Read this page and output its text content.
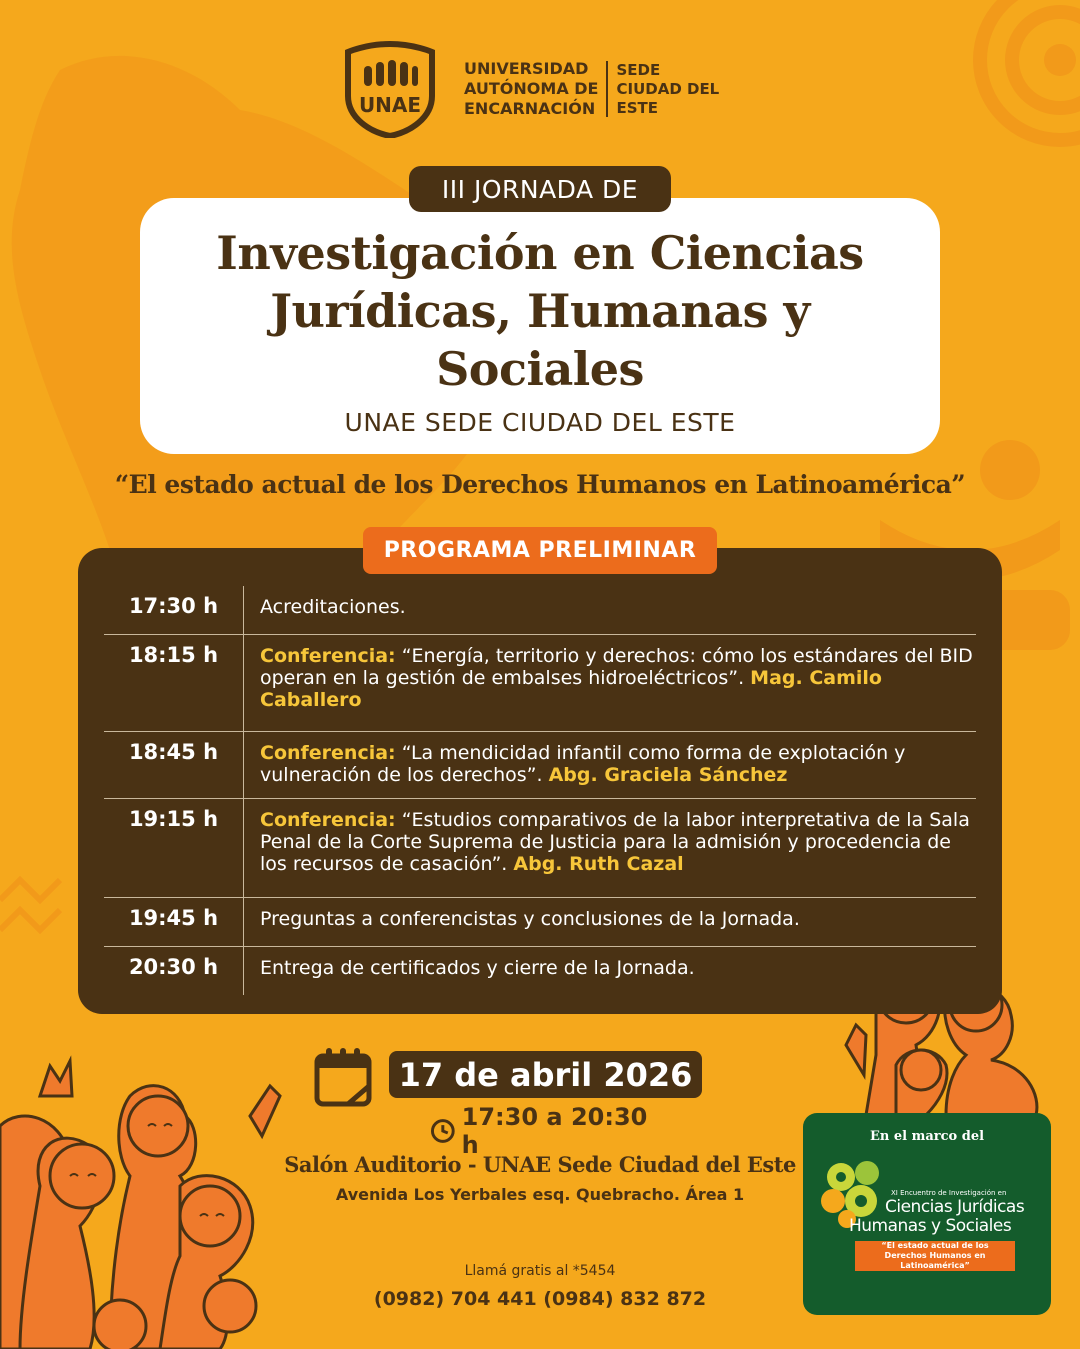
UNAE
UNIVERSIDAD
AUTÓNOMA DE
ENCARNACIÓN
SEDE
CIUDAD DEL
ESTE
III JORNADA DE
Investigación en Ciencias
Jurídicas, Humanas y
Sociales
UNAE SEDE CIUDAD DEL ESTE
“El estado actual de los Derechos Humanos en Latinoamérica”
PROGRAMA PRELIMINAR
17:30 h	Acreditaciones.
18:15 h	Conferencia: “Energía, territorio y derechos: cómo los estándares del BID operan en la gestión de embalses hidroeléctricos”. Mag. Camilo Caballero
18:45 h	Conferencia: “La mendicidad infantil como forma de explotación y vulneración de los derechos”. Abg. Graciela Sánchez
19:15 h	Conferencia: “Estudios comparativos de la labor interpretativa de la Sala Penal de la Corte Suprema de Justicia para la admisión y procedencia de los recursos de casación”. Abg. Ruth Cazal
19:45 h	Preguntas a conferencistas y conclusiones de la Jornada.
20:30 h	Entrega de certificados y cierre de la Jornada.
17 de abril 2026
17:30 a 20:30 h
Salón Auditorio - UNAE Sede Ciudad del Este
Avenida Los Yerbales esq. Quebracho. Área 1
Llamá gratis al *5454
(0982) 704 441 (0984) 832 872
En el marco del
XI Encuentro de Investigación en
Ciencias Jurídicas
Humanas y Sociales
“El estado actual de los Derechos Humanos en Latinoamérica”
